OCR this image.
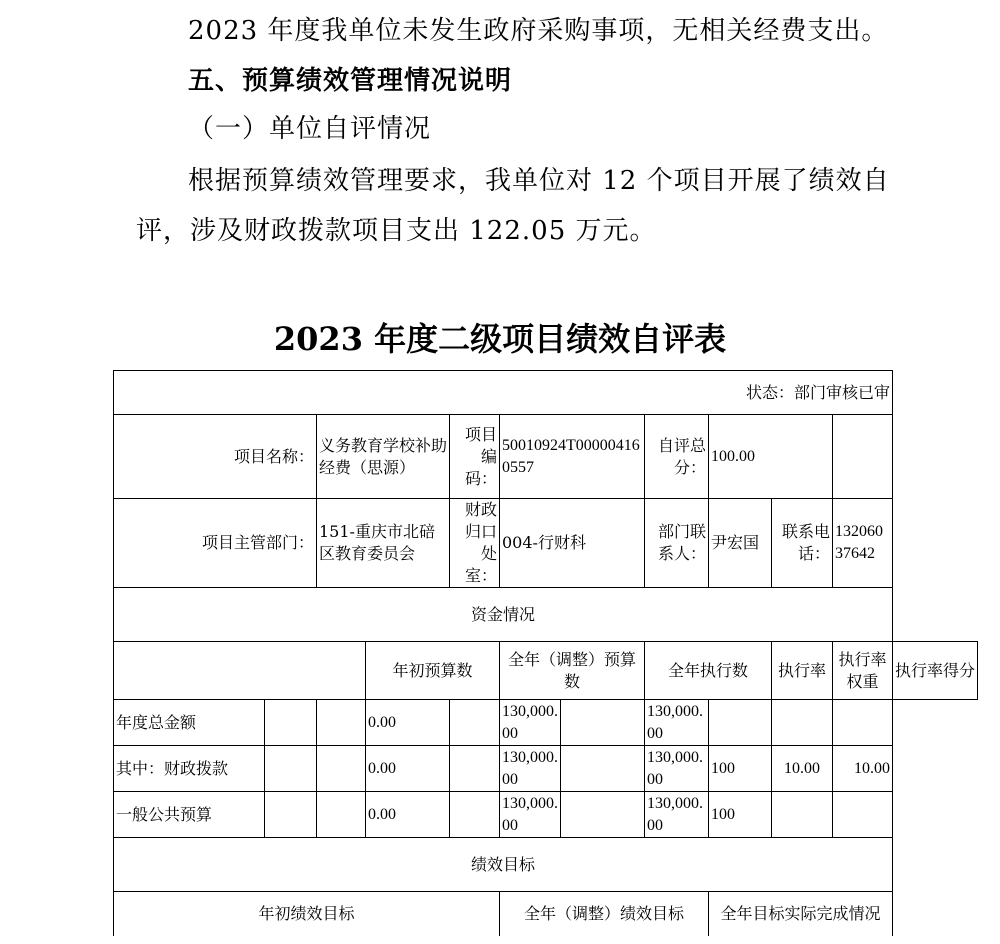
2023 年度我单位未发生政府采购事项，无相关经费支出。

五、预算绩效管理情况说明

（一）单位自评情况

根据预算绩效管理要求，我单位对 12 个项目开展了绩效自

评，涉及财政拨款项目支出 122.05 万元。

2023 年度二级项目绩效自评表

状态：部门审核已审											
项目名称：		义务教育学校补助经费（思源）		项目编码：	50010924T000004160557		自评总分：	100.00			
项目主管部门：		151-重庆市北碚区教育委员会		财政归口处室：	004-行财科		部门联系人：	尹宏国	联系电话：	13206037642	
资金情况											
			年初预算数		全年（调整）预算数		全年执行数		执行率	执行率权重	执行率得分
年度总金额			0.00		130,000.00		130,000.00				
其中：财政拨款			0.00		130,000.00		130,000.00	100	10.00	10.00	
一般公共预算			0.00		130,000.00		130,000.00	100			
绩效目标											
年初绩效目标					全年（调整）绩效目标			全年目标实际完成情况			
